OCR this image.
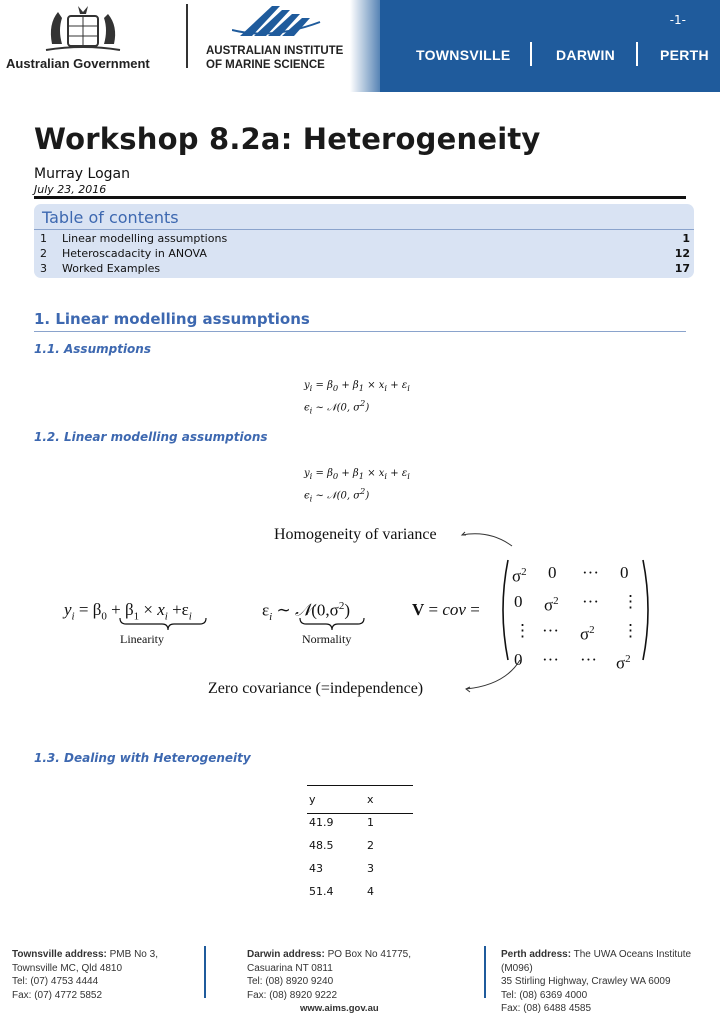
Australian Government
AUSTRALIAN INSTITUTE
OF MARINE SCIENCE
-1-
TOWNSVILLE	DARWIN	PERTH
Workshop 8.2a: Heterogeneity
Murray Logan
July 23, 2016
Table of contents
1 Linear modelling assumptions	1
2 Heteroscadacity in ANOVA	12
3 Worked Examples	17
1. Linear modelling assumptions
1.1. Assumptions
$y_i = \beta_0 + \beta_1 \times x_i + \varepsilon_i$
$\epsilon_i$ ∼ 𝒩(0, $\sigma^2$)
1.2. Linear modelling assumptions
$y_i = \beta_0 + \beta_1 \times x_i + \varepsilon_i$
$\epsilon_i$ ∼ 𝒩(0, $\sigma^2$)
Homogeneity of variance
Zero covariance (=independence)
$y_i = \beta_0 + \beta_1 \times x_i +\varepsilon_i$	$\varepsilon_i$ ∼ $𝒩(0,\sigma^2)$	V = cov =
Linearity	Normality
$\sigma^2$ 0 ··· 0
0 $\sigma^2$ ··· ⋮
⋮ ··· $\sigma^2$ ⋮
0 ··· ··· $\sigma^2$
1.3. Dealing with Heterogeneity
y	x
41.9	1
48.5	2
43	3
51.4	4
Townsville address: PMB No 3,
Townsville MC, Qld 4810
Tel: (07) 4753 4444
Fax: (07) 4772 5852
Darwin address: PO Box No 41775,
Casuarina NT 0811
Tel: (08) 8920 9240
Fax: (08) 8920 9222
Perth address: The UWA Oceans Institute (M096)
35 Stirling Highway, Crawley WA 6009
Tel: (08) 6369 4000
Fax: (08) 6488 4585
www.aims.gov.au
